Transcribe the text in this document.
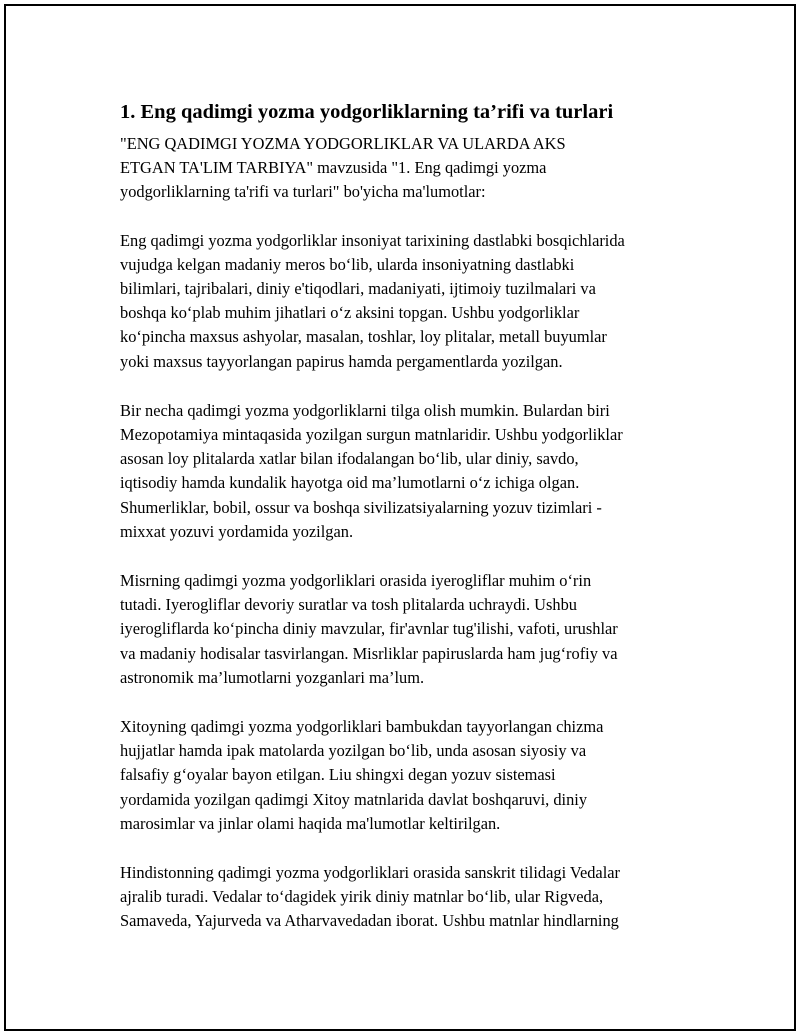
1. Eng qadimgi yozma yodgorliklarning ta’rifi va turlari

"ENG QADIMGI YOZMA YODGORLIKLAR VA ULARDA AKS
ETGAN TA'LIM TARBIYA" mavzusida "1. Eng qadimgi yozma
yodgorliklarning ta'rifi va turlari" bo'yicha ma'lumotlar:

Eng qadimgi yozma yodgorliklar insoniyat tarixining dastlabki bosqichlarida
vujudga kelgan madaniy meros bo‘lib, ularda insoniyatning dastlabki
bilimlari, tajribalari, diniy e'tiqodlari, madaniyati, ijtimoiy tuzilmalari va
boshqa ko‘plab muhim jihatlari o‘z aksini topgan. Ushbu yodgorliklar
ko‘pincha maxsus ashyolar, masalan, toshlar, loy plitalar, metall buyumlar
yoki maxsus tayyorlangan papirus hamda pergamentlarda yozilgan.

Bir necha qadimgi yozma yodgorliklarni tilga olish mumkin. Bulardan biri
Mezopotamiya mintaqasida yozilgan surgun matnlaridir. Ushbu yodgorliklar
asosan loy plitalarda xatlar bilan ifodalangan bo‘lib, ular diniy, savdo,
iqtisodiy hamda kundalik hayotga oid ma’lumotlarni o‘z ichiga olgan.
Shumerliklar, bobil, ossur va boshqa sivilizatsiyalarning yozuv tizimlari -
mixxat yozuvi yordamida yozilgan.

Misrning qadimgi yozma yodgorliklari orasida iyerogliflar muhim o‘rin
tutadi. Iyerogliflar devoriy suratlar va tosh plitalarda uchraydi. Ushbu
iyerogliflarda ko‘pincha diniy mavzular, fir'avnlar tug'ilishi, vafoti, urushlar
va madaniy hodisalar tasvirlangan. Misrliklar papiruslarda ham jug‘rofiy va
astronomik ma’lumotlarni yozganlari ma’lum.

Xitoyning qadimgi yozma yodgorliklari bambukdan tayyorlangan chizma
hujjatlar hamda ipak matolarda yozilgan bo‘lib, unda asosan siyosiy va
falsafiy g‘oyalar bayon etilgan. Liu shingxi degan yozuv sistemasi
yordamida yozilgan qadimgi Xitoy matnlarida davlat boshqaruvi, diniy
marosimlar va jinlar olami haqida ma'lumotlar keltirilgan.

Hindistonning qadimgi yozma yodgorliklari orasida sanskrit tilidagi Vedalar
ajralib turadi. Vedalar to‘dagidek yirik diniy matnlar bo‘lib, ular Rigveda,
Samaveda, Yajurveda va Atharvavedadan iborat. Ushbu matnlar hindlarning
